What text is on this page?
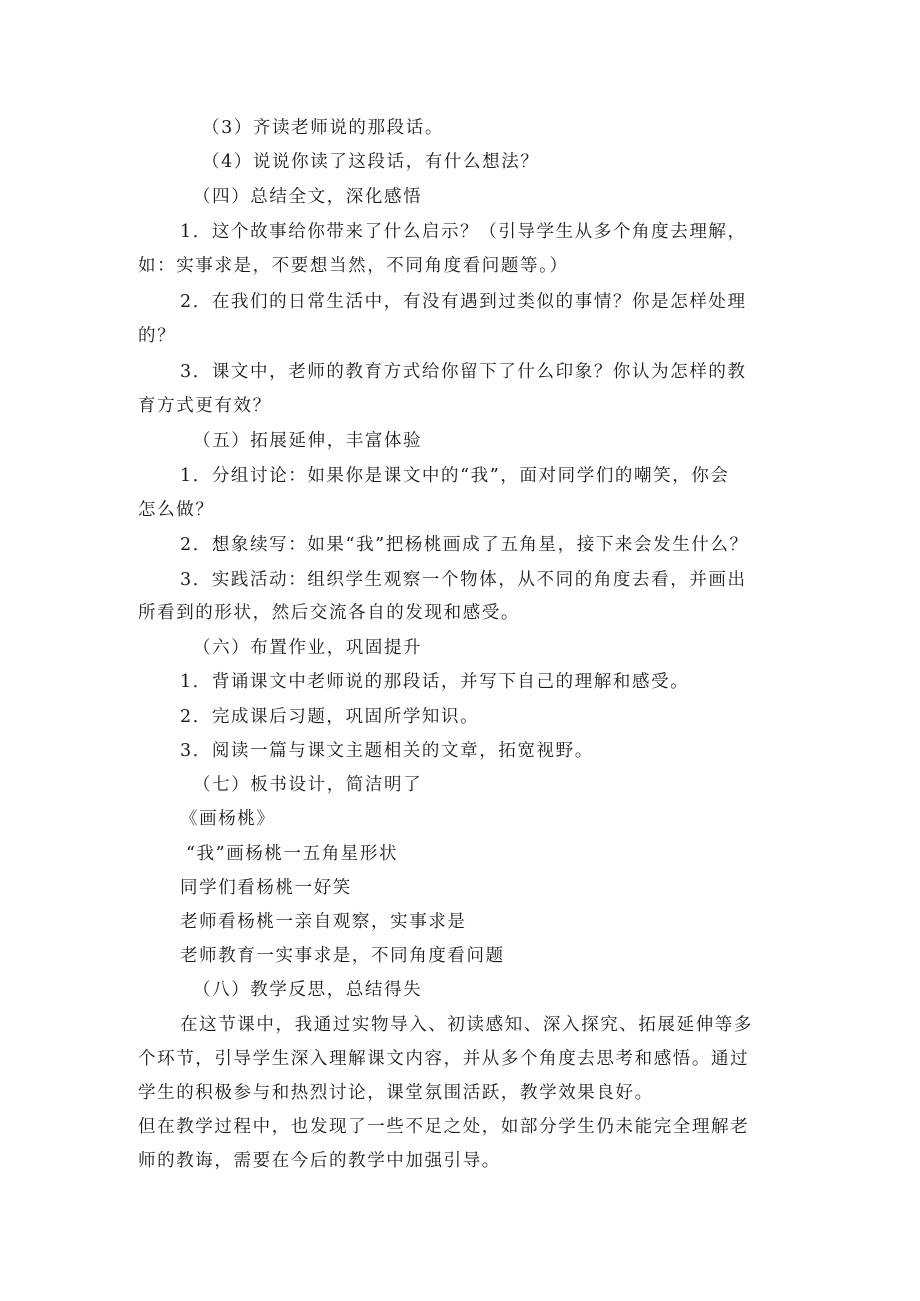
（3）齐读老师说的那段话。

（4）说说你读了这段话，有什么想法？

（四）总结全文，深化感悟

1．这个故事给你带来了什么启示？（引导学生从多个角度去理解，

如：实事求是，不要想当然，不同角度看问题等。）

2．在我们的日常生活中，有没有遇到过类似的事情？你是怎样处理

的？

3．课文中，老师的教育方式给你留下了什么印象？你认为怎样的教

育方式更有效？

（五）拓展延伸，丰富体验

1．分组讨论：如果你是课文中的“我”，面对同学们的嘲笑，你会

怎么做？

2．想象续写：如果“我”把杨桃画成了五角星，接下来会发生什么？

3．实践活动：组织学生观察一个物体，从不同的角度去看，并画出

所看到的形状，然后交流各自的发现和感受。

（六）布置作业，巩固提升

1．背诵课文中老师说的那段话，并写下自己的理解和感受。

2．完成课后习题，巩固所学知识。

3．阅读一篇与课文主题相关的文章，拓宽视野。

（七）板书设计，简洁明了

《画杨桃》

“我”画杨桃一五角星形状

同学们看杨桃一好笑

老师看杨桃一亲自观察，实事求是

老师教育一实事求是，不同角度看问题

（八）教学反思，总结得失

在这节课中，我通过实物导入、初读感知、深入探究、拓展延伸等多

个环节，引导学生深入理解课文内容，并从多个角度去思考和感悟。通过

学生的积极参与和热烈讨论，课堂氛围活跃，教学效果良好。

但在教学过程中，也发现了一些不足之处，如部分学生仍未能完全理解老

师的教诲，需要在今后的教学中加强引导。
